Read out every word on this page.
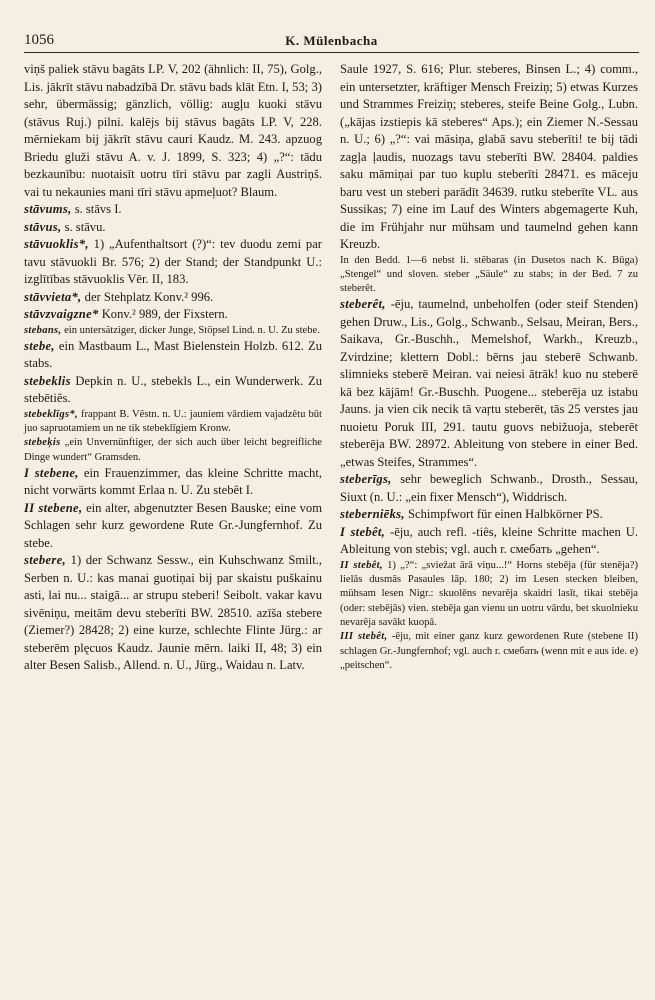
1056	K. Mülenbacha

viņš paliek stāvu bagāts LP. V, 202 (ähnlich: II, 75), Golg., Lis. jākrīt stāvu nabadzībā Dr. stāvu bads klāt Etn. I, 53; 3) sehr, übermässig; gänzlich, völlig: augļu kuoki stāvu (stāvus Ruj.) pilni. kalējs bij stāvus bagāts LP. V, 228. mērniekam bij jākrīt stāvu cauri Kaudz. M. 243. apzuog Briedu gluži stāvu A. v. J. 1899, S. 323; 4) „?“: tādu bezkaunību: nuotaisīt uotru tīri stāvu par zagli Austriņš. vai tu nekaunies mani tīri stāvu apmeļuot? Blaum.

stāvums, s. stāvs I.

stāvus, s. stāvu.

stāvuoklis*, 1) „Aufenthaltsort (?)“: tev duodu zemi par tavu stāvuokli Br. 576; 2) der Stand; der Standpunkt U.: izglītības stāvuoklis Vēr. II, 183.

stāvvieta*, der Stehplatz Konv.² 996.

stāvzvaigzne* Konv.² 989, der Fixstern.

stebans, ein untersätziger, dicker Junge, Stöpsel Lind. n. U. Zu stebe.

stebe, ein Mastbaum L., Mast Bielenstein Holzb. 612. Zu stabs.

stebeklis Depkin n. U., stebekls L., ein Wunderwerk. Zu stebētiês.

stebeklīgs*, frappant B. Vēstn. n. U.: jauniem vārdiem vajadzētu būt juo sapruotamiem un ne tik stebeklīgiem Kronw.

stebeķis „ein Unvernünftiger, der sich auch über leicht begreifliche Dinge wundert“ Gramsden.

I stebene, ein Frauenzimmer, das kleine Schritte macht, nicht vorwärts kommt Erlaa n. U. Zu stebêt I.

II stebene, ein alter, abgenutzter Besen Bauske; eine vom Schlagen sehr kurz gewordene Rute Gr.-Jungfernhof. Zu stebe.

stebere, 1) der Schwanz Sessw., ein Kuhschwanz Smilt., Serben n. U.: kas manai guotiņai bij par skaistu puškainu asti, lai nu... staigā... ar strupu steberi! Seibolt. vakar kavu sivēniņu, meitām devu steberīti BW. 28510. azīša stebere (Ziemer?) 28428; 2) eine kurze, schlechte Flinte Jürg.: ar steberēm plęcuos Kaudz. Jaunie mērn. laiki II, 48; 3) ein alter Besen Salisb., Allend. n. U., Jürg., Waidau n. Latv.

Saule 1927, S. 616; Plur. steberes, Binsen L.; 4) comm., ein untersetzter, kräftiger Mensch Freiziņ; 5) etwas Kurzes und Strammes Freiziņ; steberes, steife Beine Golg., Lubn. („kājas izstiepis kā steberes“ Aps.); ein Ziemer N.-Sessau n. U.; 6) „?“: vai māsiņa, glabā savu steberīti! te bij tādi zagļa ļaudis, nuozags tavu steberīti BW. 28404. paldies saku māmiņai par tuo kuplu steberīti 28471. es māceju baru vest un steberi parādīt 34639. rutku steberīte VL. aus Sussikas; 7) eine im Lauf des Winters abgemagerte Kuh, die im Frühjahr nur mühsam und taumelnd gehen kann Kreuzb.

In den Bedd. 1—6 nebst li. stẽbaras (in Dusetos nach K. Būga) „Stengel“ und sloven. steber „Säule“ zu stabs; in der Bed. 7 zu steberêt.

steberêt, -ēju, taumelnd, unbeholfen (oder steif Stenden) gehen Druw., Lis., Golg., Schwanb., Selsau, Meiran, Bers., Saikava, Gr.-Buschh., Memelshof, Warkh., Kreuzb., Zvirdzine; klettern Dobl.: bērns jau steberē Schwanb. slimnieks steberē Meiran. vai neiesi ātrāk! kuo nu steberē kā bez kājām! Gr.-Buschh. Puogene... steberēja uz istabu Jauns. ja vien cik necik tā vaŗtu steberēt, tās 25 verstes jau nuoietu Poruk III, 291. tautu guovs nebižuoja, steberēt steberēja BW. 28972. Ableitung von stebere in einer Bed. „etwas Steifes, Strammes“.

steberīgs, sehr beweglich Schwanb., Drosth., Sessau, Siuxt (n. U.: „ein fixer Mensch“), Widdrisch.

steberniēks, Schimpfwort für einen Halbkörner PS.

I stebêt, -ēju, auch refl. -tiês, kleine Schritte machen U. Ableitung von stebis; vgl. auch r. смебать „gehen“.

II stebêt, 1) „?“: „sviežat ārā viņu...!“ Horns stebēja (für stenēja?) lielās dusmās Pasaules lāp. 180; 2) im Lesen stecken bleiben, mühsam lesen Nigr.: skuolēns nevarēja skaidri lasīt, tikai stebēja (oder: stebējās) vien. stebēja gan vienu un uotru vārdu, bet skuolnieku nevarēja savākt kuopā.

III stebêt, -ēju, mit einer ganz kurz gewordenen Rute (stebene II) schlagen Gr.-Jungfernhof; vgl. auch r. смебать (wenn mit e aus ide. e) „peitschen“.
